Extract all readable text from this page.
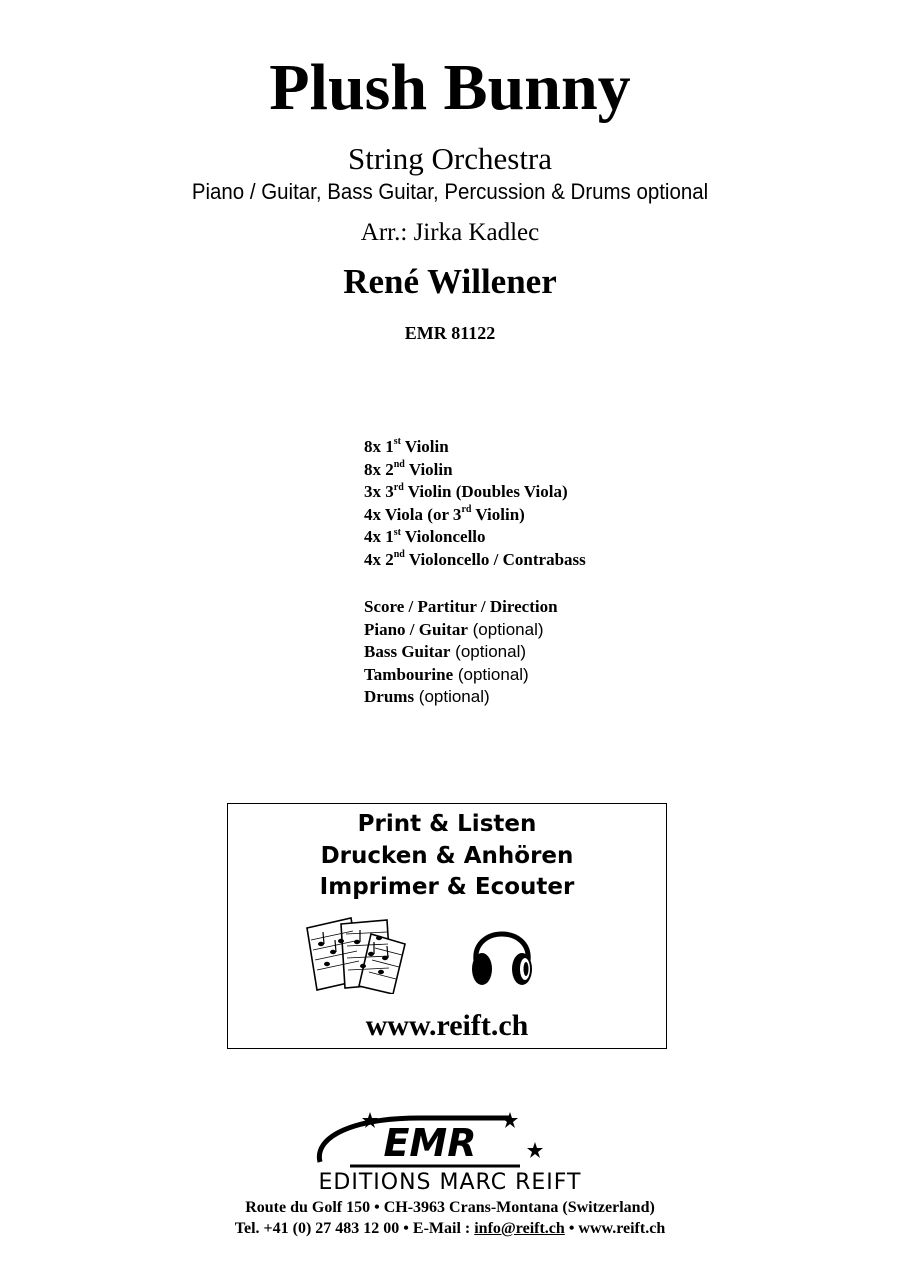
Plush Bunny
String Orchestra
Piano / Guitar, Bass Guitar, Percussion & Drums optional
Arr.: Jirka Kadlec
René Willener
EMR 81122
8x 1st Violin
8x 2nd Violin
3x 3rd Violin (Doubles Viola)
4x Viola (or 3rd Violin)
4x 1st Violoncello
4x 2nd Violoncello / Contrabass
Score / Partitur / Direction
Piano / Guitar (optional)
Bass Guitar (optional)
Tambourine (optional)
Drums (optional)
Print & Listen
Drucken & Anhören
Imprimer & Ecouter
www.reift.ch
EMR
EDITIONS MARC REIFT
Route du Golf 150 • CH-3963 Crans-Montana (Switzerland)
Tel. +41 (0) 27 483 12 00 • E-Mail : info@reift.ch • www.reift.ch
